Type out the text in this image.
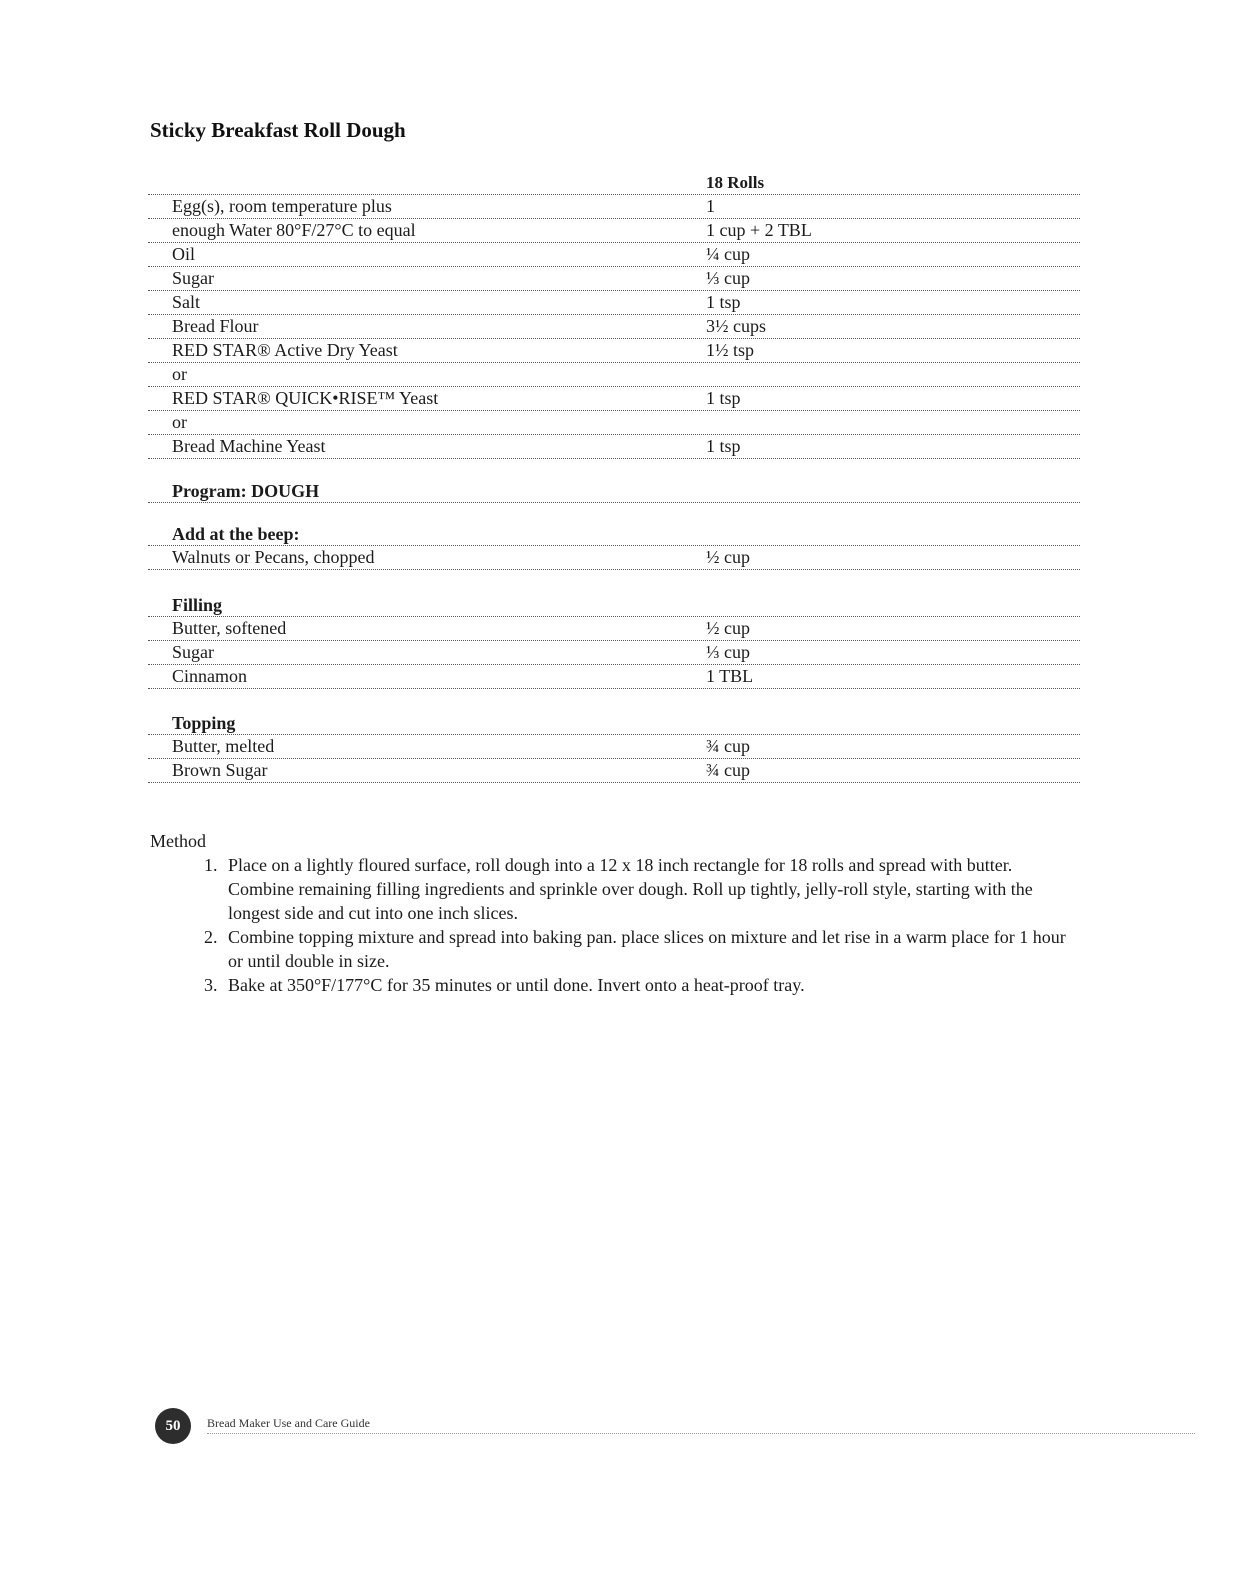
Sticky Breakfast Roll Dough
18 Rolls
Egg(s), room temperature plus	1
enough Water 80°F/27°C to equal	1 cup + 2 TBL
Oil	¼ cup
Sugar	⅓ cup
Salt	1 tsp
Bread Flour	3½ cups
RED STAR® Active Dry Yeast	1½ tsp
or
RED STAR® QUICK•RISE™ Yeast	1 tsp
or
Bread Machine Yeast	1 tsp
Program: DOUGH
Add at the beep:
Walnuts or Pecans, chopped	½ cup
Filling
Butter, softened	½ cup
Sugar	⅓ cup
Cinnamon	1 TBL
Topping
Butter, melted	¾ cup
Brown Sugar	¾ cup
Method
1. Place on a lightly floured surface, roll dough into a 12 x 18 inch rectangle for 18 rolls and spread with butter. Combine remaining filling ingredients and sprinkle over dough. Roll up tightly, jelly-roll style, starting with the longest side and cut into one inch slices.
2. Combine topping mixture and spread into baking pan. place slices on mixture and let rise in a warm place for 1 hour or until double in size.
3. Bake at 350°F/177°C for 35 minutes or until done. Invert onto a heat-proof tray.
50	Bread Maker Use and Care Guide
